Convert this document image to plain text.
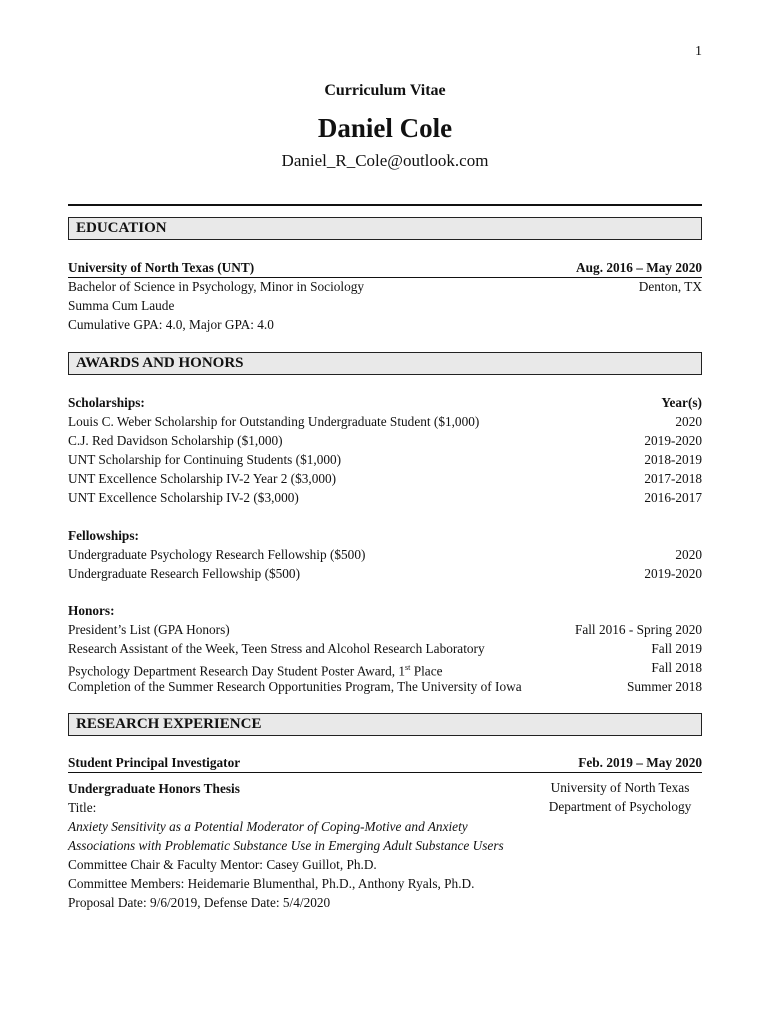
1
Curriculum Vitae
Daniel Cole
Daniel_R_Cole@outlook.com
EDUCATION
University of North Texas (UNT)	Aug. 2016 – May 2020
Bachelor of Science in Psychology, Minor in Sociology	Denton, TX
Summa Cum Laude
Cumulative GPA: 4.0, Major GPA: 4.0
AWARDS AND HONORS
Scholarships:	Year(s)
Louis C. Weber Scholarship for Outstanding Undergraduate Student ($1,000)	2020
C.J. Red Davidson Scholarship ($1,000)	2019-2020
UNT Scholarship for Continuing Students ($1,000)	2018-2019
UNT Excellence Scholarship IV-2 Year 2 ($3,000)	2017-2018
UNT Excellence Scholarship IV-2 ($3,000)	2016-2017
Fellowships:
Undergraduate Psychology Research Fellowship ($500)	2020
Undergraduate Research Fellowship ($500)	2019-2020
Honors:
President’s List (GPA Honors)	Fall 2016 - Spring 2020
Research Assistant of the Week, Teen Stress and Alcohol Research Laboratory	Fall 2019
Psychology Department Research Day Student Poster Award, 1st Place	Fall 2018
Completion of the Summer Research Opportunities Program, The University of Iowa	Summer 2018
RESEARCH EXPERIENCE
Student Principal Investigator	Feb. 2019 – May 2020
Undergraduate Honors Thesis	University of North Texas
Department of Psychology
Title:
Anxiety Sensitivity as a Potential Moderator of Coping-Motive and Anxiety
Associations with Problematic Substance Use in Emerging Adult Substance Users
Committee Chair & Faculty Mentor: Casey Guillot, Ph.D.
Committee Members: Heidemarie Blumenthal, Ph.D., Anthony Ryals, Ph.D.
Proposal Date: 9/6/2019, Defense Date: 5/4/2020
